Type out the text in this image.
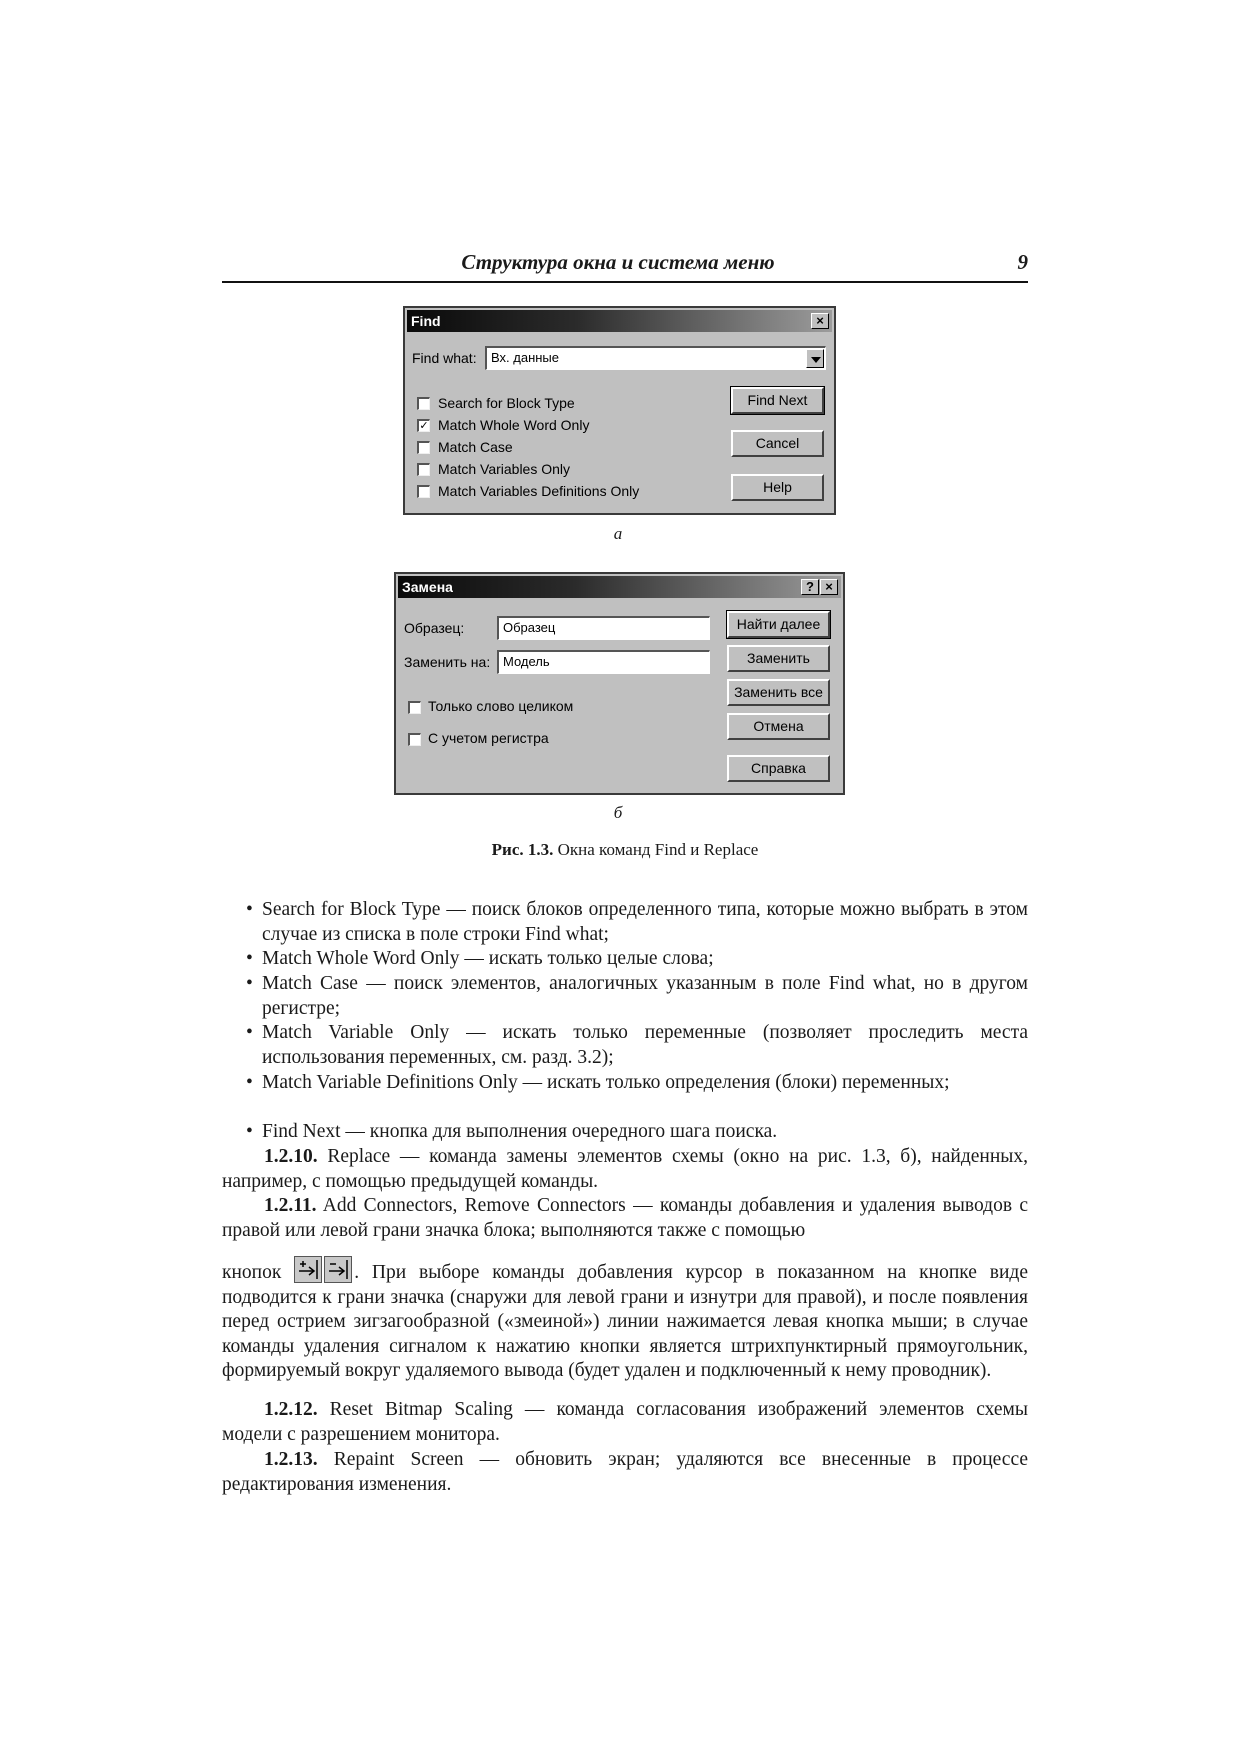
Структура окна и система меню	9
Find	×
Find what:	Вх. данные
Search for Block Type
✓ Match Whole Word Only
Match Case
Match Variables Only
Match Variables Definitions Only
Find Next
Cancel
Help
а
Замена	? ×
Образец:	Образец
Заменить на: Модель
Только слово целиком
С учетом регистра
Найти далее
Заменить
Заменить все
Отмена
Справка
б
Рис. 1.3. Окна команд Find и Replace
• Search for Block Type — поиск блоков определенного типа, которые можно выбрать в этом случае из списка в поле строки Find what;
• Match Whole Word Only — искать только целые слова;
• Match Case — поиск элементов, аналогичных указанным в поле Find what, но в другом регистре;
• Match Variable Only — искать только переменные (позволяет проследить места использования переменных, см. разд. 3.2);
• Match Variable Definitions Only — искать только определения (блоки) переменных;
• Find Next — кнопка для выполнения очередного шага поиска.
1.2.10. Replace — команда замены элементов схемы (окно на рис. 1.3, б), найденных, например, с помощью предыдущей команды.
1.2.11. Add Connectors, Remove Connectors — команды добавления и удаления выводов с правой или левой грани значка блока; выполняются также с помощью
кнопок	. При выборе команды добавления курсор в показанном на кнопке виде подводится к грани значка (снаружи для левой грани и изнутри для правой), и после появления перед острием зигзагообразной («змеиной») линии нажимается левая кнопка мыши; в случае команды удаления сигналом к нажатию кнопки является штрихпунктирный прямоугольник, формируемый вокруг удаляемого вывода (будет удален и подключенный к нему проводник).
1.2.12. Reset Bitmap Scaling — команда согласования изображений элементов схемы модели с разрешением монитора.
1.2.13. Repaint Screen — обновить экран; удаляются все внесенные в процессе редактирования изменения.
